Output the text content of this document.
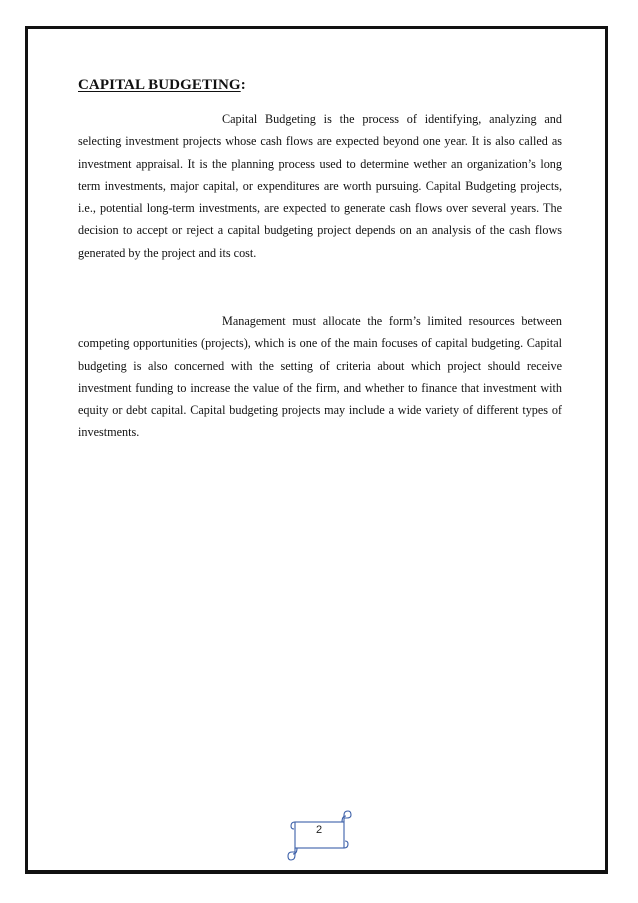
CAPITAL BUDGETING:

Capital Budgeting is the process of identifying, analyzing and selecting investment projects whose cash flows are expected beyond one year. It is also called as investment appraisal. It is the planning process used to determine wether an organization’s long term investments, major capital, or expenditures are worth pursuing. Capital Budgeting projects, i.e., potential long-term investments, are expected to generate cash flows over several years. The decision to accept or reject a capital budgeting project depends on an analysis of the cash flows generated by the project and its cost.

Management must allocate the form’s limited resources between competing opportunities (projects), which is one of the main focuses of capital budgeting. Capital budgeting is also concerned with the setting of criteria about which project should receive investment funding to increase the value of the firm, and whether to finance that investment with equity or debt capital. Capital budgeting projects may include a wide variety of different types of investments.

2
